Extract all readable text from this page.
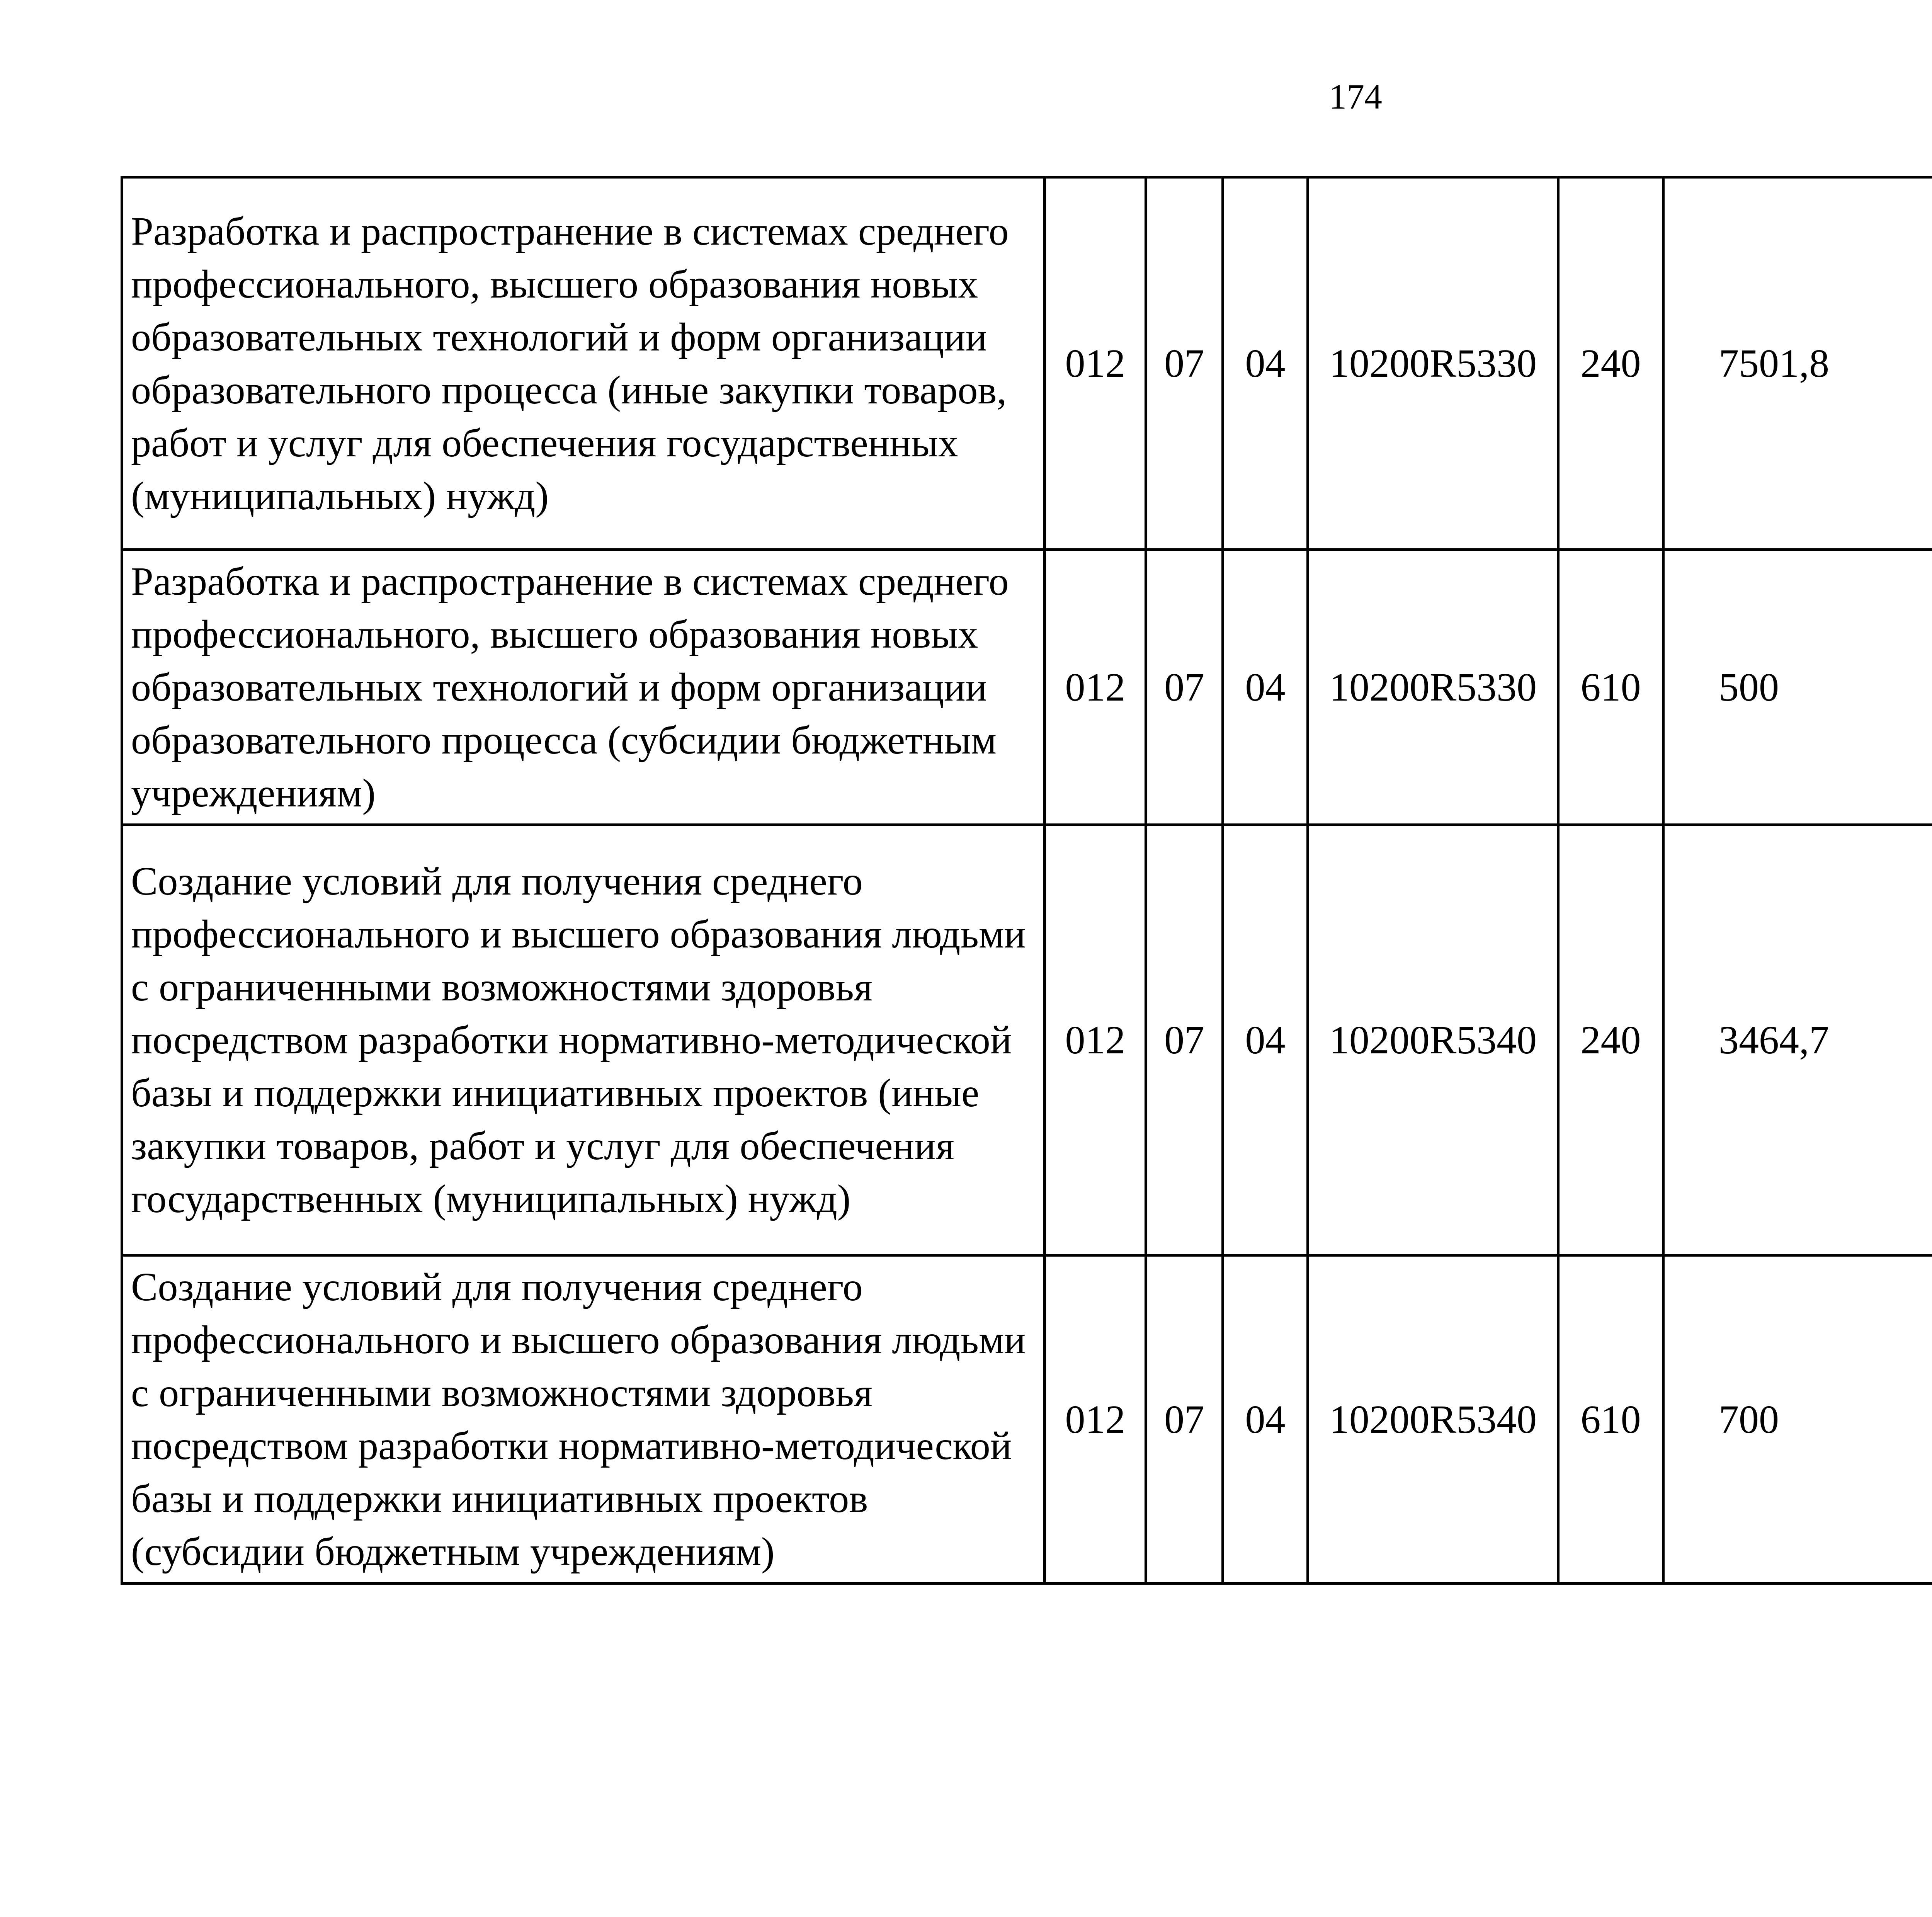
174
Разработка и распространение в системах среднего профессионального, высшего образования новых образовательных технологий и форм организации образовательного процесса (иные закупки товаров, работ и услуг для обеспечения государственных (муниципальных) нужд)	012	07	04	10200R5330	240	7501,8		
Разработка и распространение в системах среднего профессионального, высшего образования новых образовательных технологий и форм организации образовательного процесса (субсидии бюджетным учреждениям)	012	07	04	10200R5330	610	500		
Создание условий для получения среднего профессионального и высшего образования людьми с ограниченными возможностями здоровья посредством разработки нормативно-методической базы и поддержки инициативных проектов (иные закупки товаров, работ и услуг для обеспечения государственных (муниципальных) нужд)	012	07	04	10200R5340	240	3464,7		
Создание условий для получения среднего профессионального и высшего образования людьми с ограниченными возможностями здоровья посредством разработки нормативно-методической базы и поддержки инициативных проектов (субсидии бюджетным учреждениям)	012	07	04	10200R5340	610	700		
